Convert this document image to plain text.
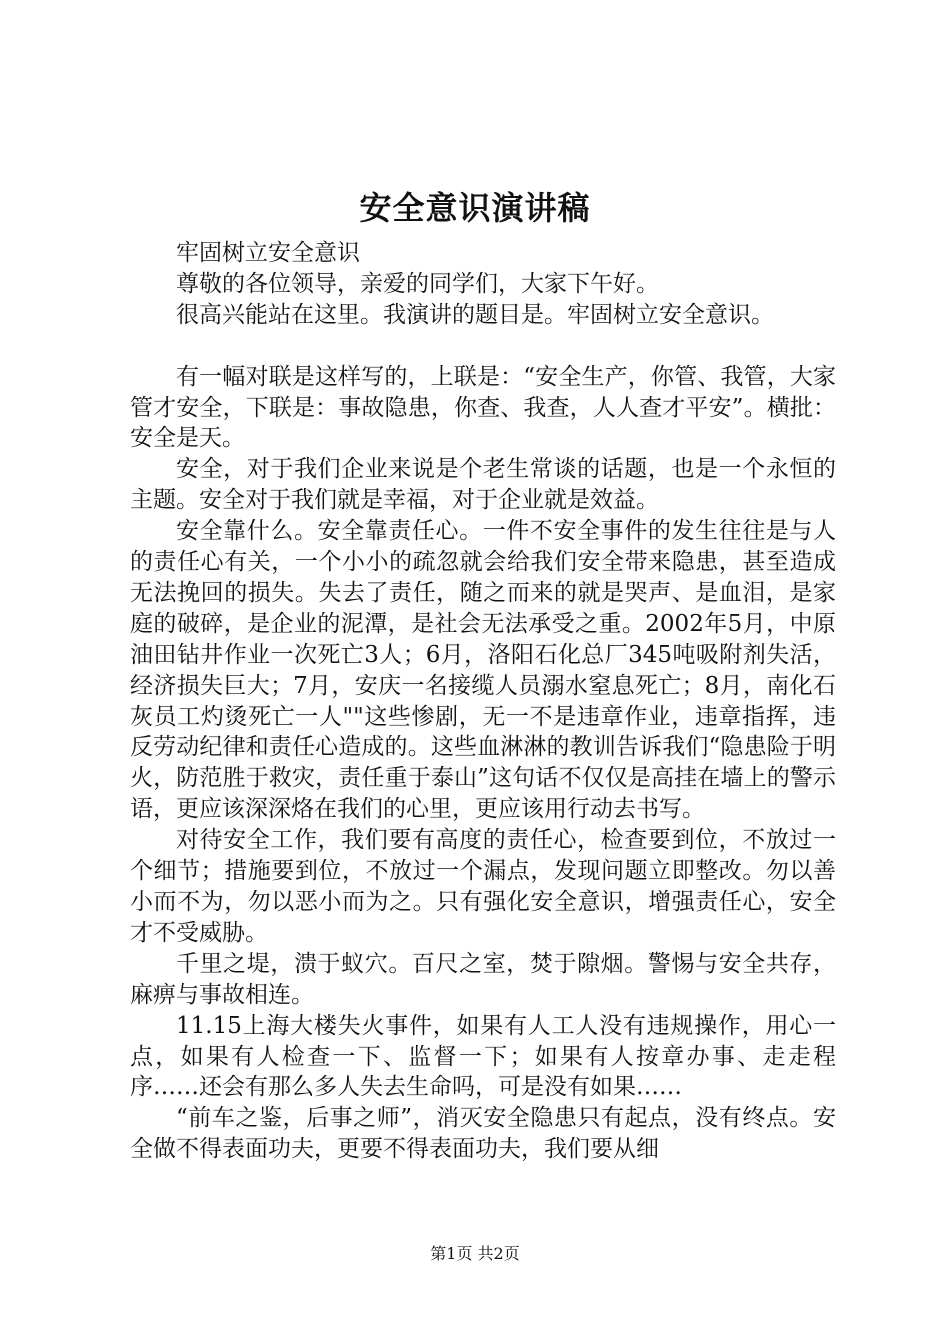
安全意识演讲稿

牢固树立安全意识

尊敬的各位领导，亲爱的同学们，大家下午好。

很高兴能站在这里。我演讲的题目是。牢固树立安全意识。

有一幅对联是这样写的，上联是：“安全生产，你管、我管，大家管才安全，下联是：事故隐患，你查、我查，人人查才平安”。横批：安全是天。

安全，对于我们企业来说是个老生常谈的话题，也是一个永恒的主题。安全对于我们就是幸福，对于企业就是效益。

安全靠什么。安全靠责任心。一件不安全事件的发生往往是与人的责任心有关，一个小小的疏忽就会给我们安全带来隐患，甚至造成无法挽回的损失。失去了责任，随之而来的就是哭声、是血泪，是家庭的破碎，是企业的泥潭，是社会无法承受之重。2002年5月，中原油田钻井作业一次死亡3人；6月，洛阳石化总厂345吨吸附剂失活，经济损失巨大；7月，安庆一名接缆人员溺水窒息死亡；8月，南化石灰员工灼烫死亡一人""这些惨剧，无一不是违章作业，违章指挥，违反劳动纪律和责任心造成的。这些血淋淋的教训告诉我们“隐患险于明火，防范胜于救灾，责任重于泰山”这句话不仅仅是高挂在墙上的警示语，更应该深深烙在我们的心里，更应该用行动去书写。

对待安全工作，我们要有高度的责任心，检查要到位，不放过一个细节；措施要到位，不放过一个漏点，发现问题立即整改。勿以善小而不为，勿以恶小而为之。只有强化安全意识，增强责任心，安全才不受威胁。

千里之堤，溃于蚁穴。百尺之室，焚于隙烟。警惕与安全共存，麻痹与事故相连。

11.15上海大楼失火事件，如果有人工人没有违规操作，用心一点，如果有人检查一下、监督一下；如果有人按章办事、走走程序……还会有那么多人失去生命吗，可是没有如果……

“前车之鉴，后事之师”，消灭安全隐患只有起点，没有终点。安全做不得表面功夫，更要不得表面功夫，我们要从细

第1页 共2页
